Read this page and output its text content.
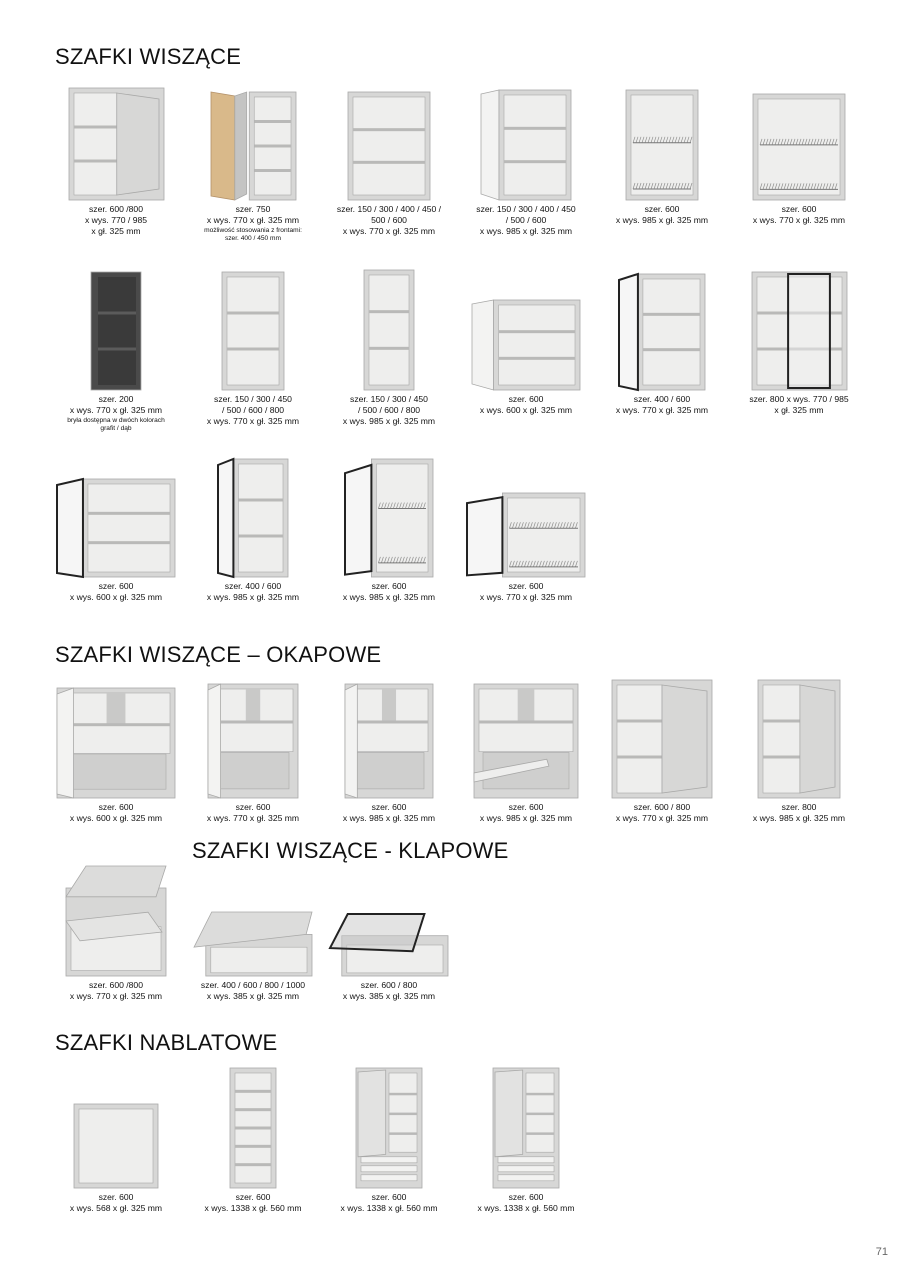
SZAFKI WISZĄCE
SZAFKI WISZĄCE – OKAPOWE
SZAFKI WISZĄCE - KLAPOWE
SZAFKI NABLATOWE
szer. 600 /800
x wys. 770 / 985
x gł. 325 mm
szer. 750
x wys. 770 x gł. 325 mm
możliwość stosowania z frontami:
szer. 400 / 450 mm
szer. 150 / 300 / 400 / 450 /
500 / 600
x wys. 770 x gł. 325 mm
szer. 150 / 300 / 400 / 450
/ 500 / 600
x wys. 985 x gł. 325 mm
szer. 600
x wys. 985 x gł. 325 mm
szer. 600
x wys. 770 x gł. 325 mm
szer. 200
x wys. 770 x gł. 325 mm
bryła dostępna w dwóch kolorach
grafit / dąb
szer. 150 / 300 / 450
/ 500 / 600 / 800
x wys. 770 x gł. 325 mm
szer. 150 / 300 / 450
/ 500 / 600 / 800
x wys. 985 x gł. 325 mm
szer. 600
x wys. 600 x gł. 325 mm
szer. 400 / 600
x wys. 770 x gł. 325 mm
szer. 800 x wys. 770 / 985
x gł. 325 mm
szer. 600
x wys. 600 x gł. 325 mm
szer. 400 / 600
x wys. 985 x gł. 325 mm
szer. 600
x wys. 985 x gł. 325 mm
szer. 600
x wys. 770 x gł. 325 mm
szer. 600
x wys. 600 x gł. 325 mm
szer. 600
x wys. 770 x gł. 325 mm
szer. 600
x wys. 985 x gł. 325 mm
szer. 600
x wys. 985 x gł. 325 mm
szer. 600 / 800
x wys. 770 x gł. 325 mm
szer. 800
x wys. 985 x gł. 325 mm
szer. 600 /800
x wys. 770 x gł. 325 mm
szer. 400 / 600 / 800 / 1000
x wys. 385 x gł. 325 mm
szer. 600 / 800
x wys. 385 x gł. 325 mm
szer. 600
x wys. 568 x gł. 325 mm
szer. 600
x wys. 1338 x gł. 560 mm
szer. 600
x wys. 1338 x gł. 560 mm
szer. 600
x wys. 1338 x gł. 560 mm
71
